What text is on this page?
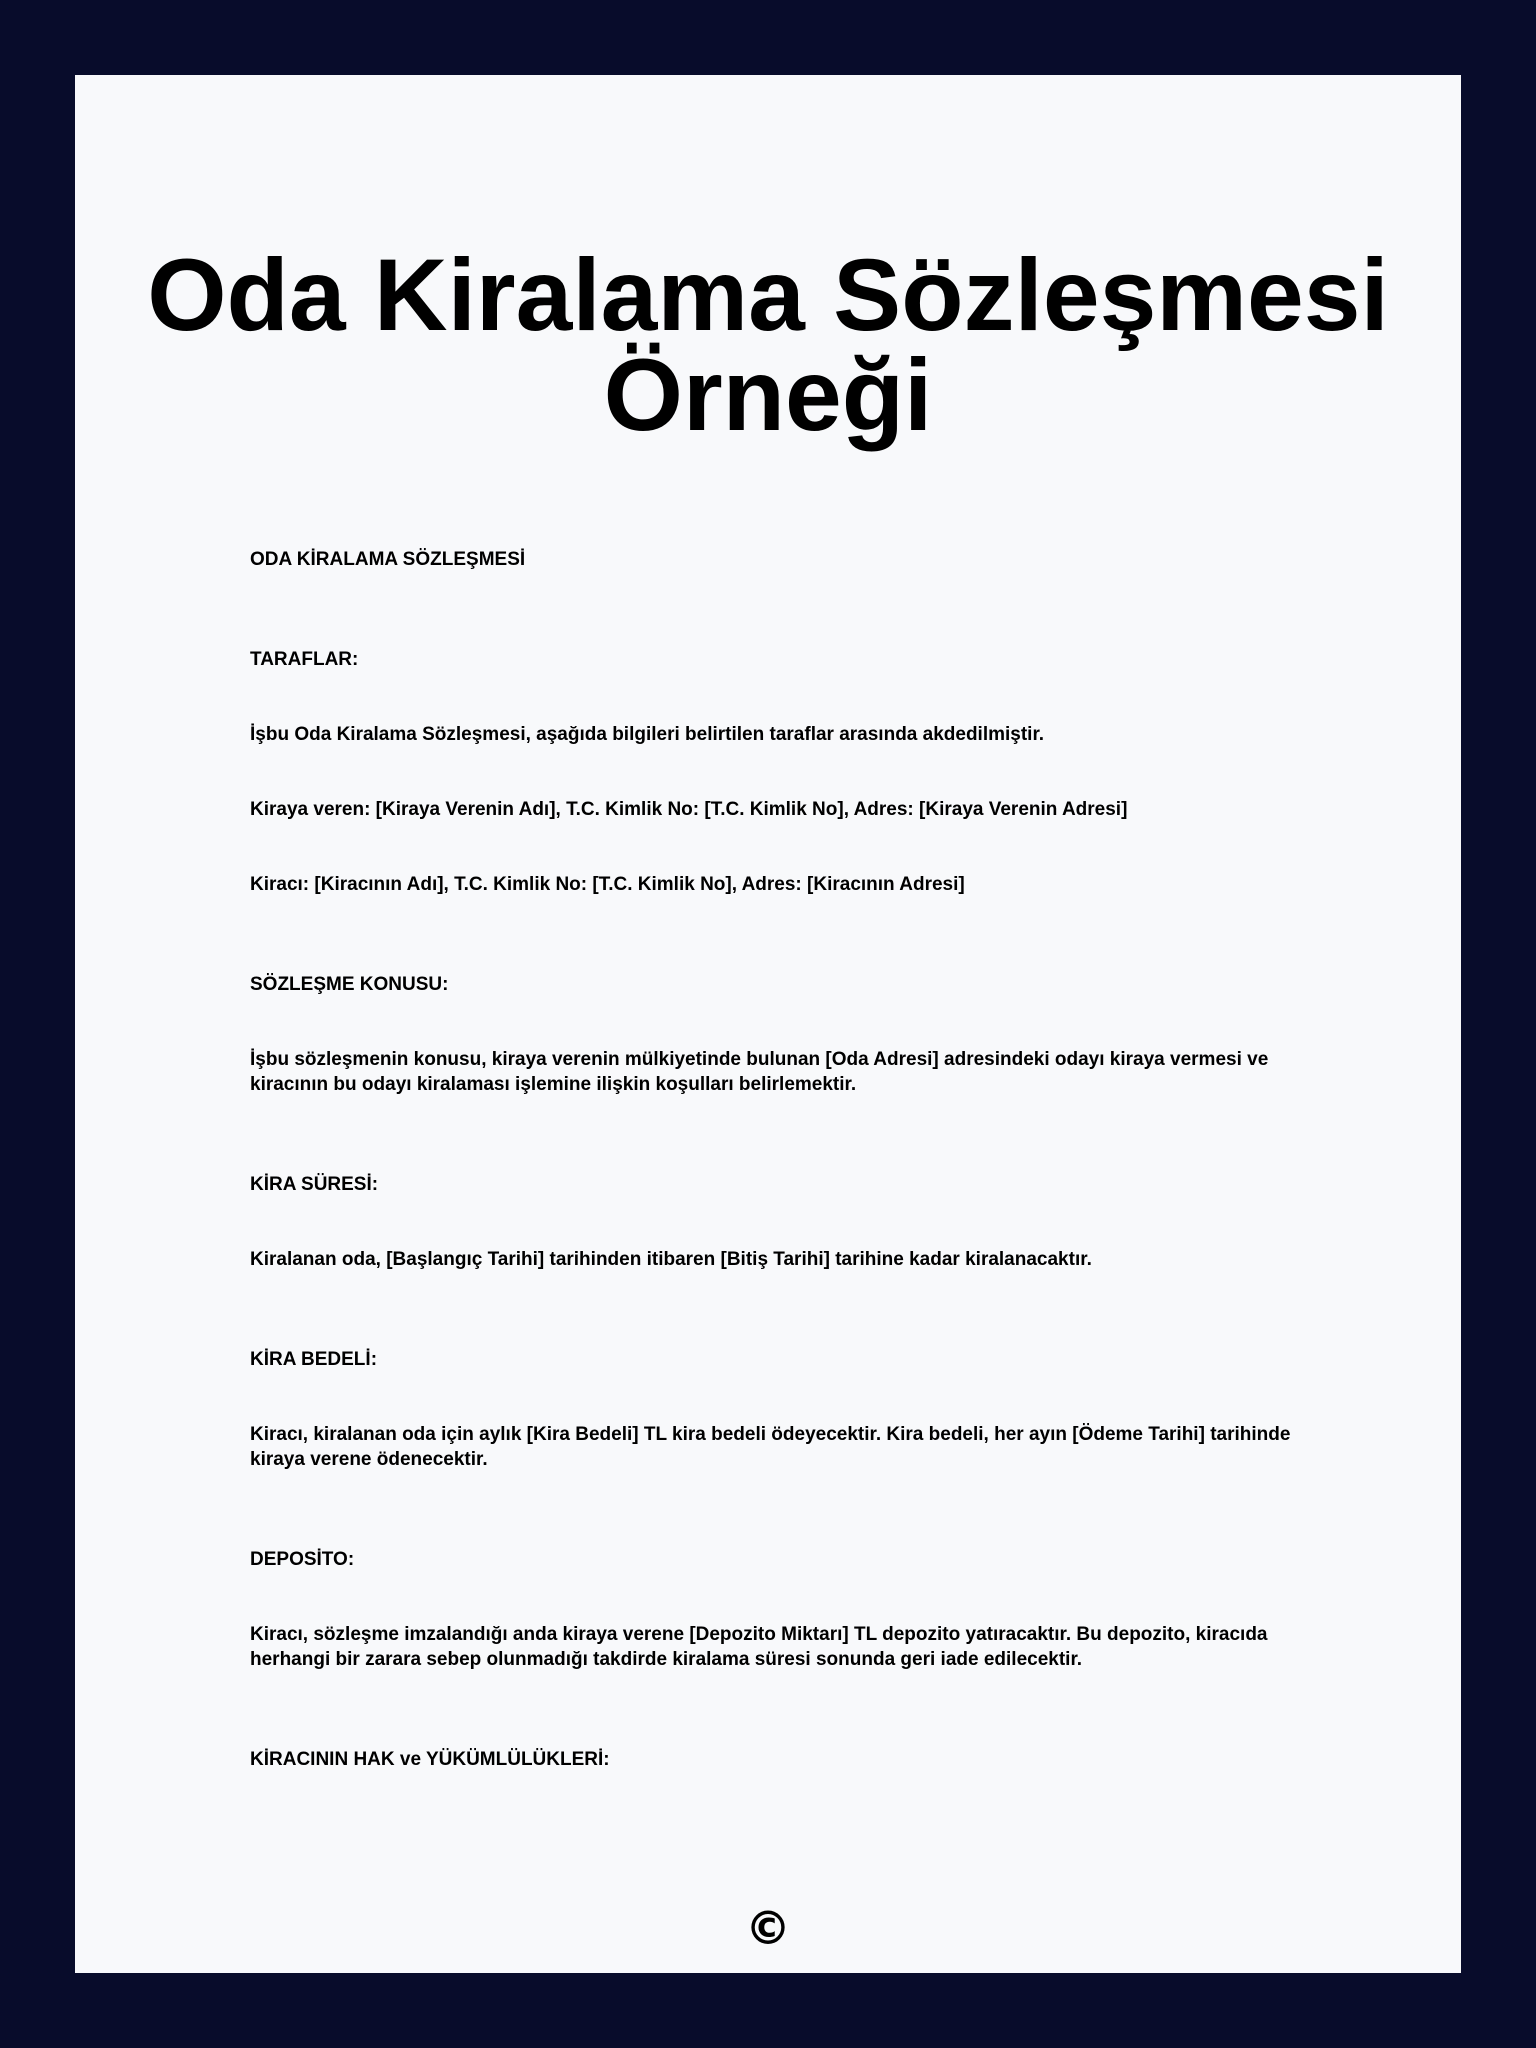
Oda Kiralama Sözleşmesi
Örneği

ODA KİRALAMA SÖZLEŞMESİ

TARAFLAR:

İşbu Oda Kiralama Sözleşmesi, aşağıda bilgileri belirtilen taraflar arasında akdedilmiştir.

Kiraya veren: [Kiraya Verenin Adı], T.C. Kimlik No: [T.C. Kimlik No], Adres: [Kiraya Verenin Adresi]

Kiracı: [Kiracının Adı], T.C. Kimlik No: [T.C. Kimlik No], Adres: [Kiracının Adresi]

SÖZLEŞME KONUSU:

İşbu sözleşmenin konusu, kiraya verenin mülkiyetinde bulunan [Oda Adresi] adresindeki odayı kiraya vermesi ve kiracının bu odayı kiralaması işlemine ilişkin koşulları belirlemektir.

KİRA SÜRESİ:

Kiralanan oda, [Başlangıç Tarihi] tarihinden itibaren [Bitiş Tarihi] tarihine kadar kiralanacaktır.

KİRA BEDELİ:

Kiracı, kiralanan oda için aylık [Kira Bedeli] TL kira bedeli ödeyecektir. Kira bedeli, her ayın [Ödeme Tarihi] tarihinde kiraya verene ödenecektir.

DEPOSİTO:

Kiracı, sözleşme imzalandığı anda kiraya verene [Depozito Miktarı] TL depozito yatıracaktır. Bu depozito, kiracıda herhangi bir zarara sebep olunmadığı takdirde kiralama süresi sonunda geri iade edilecektir.

KİRACININ HAK ve YÜKÜMLÜLÜKLERİ:

©
